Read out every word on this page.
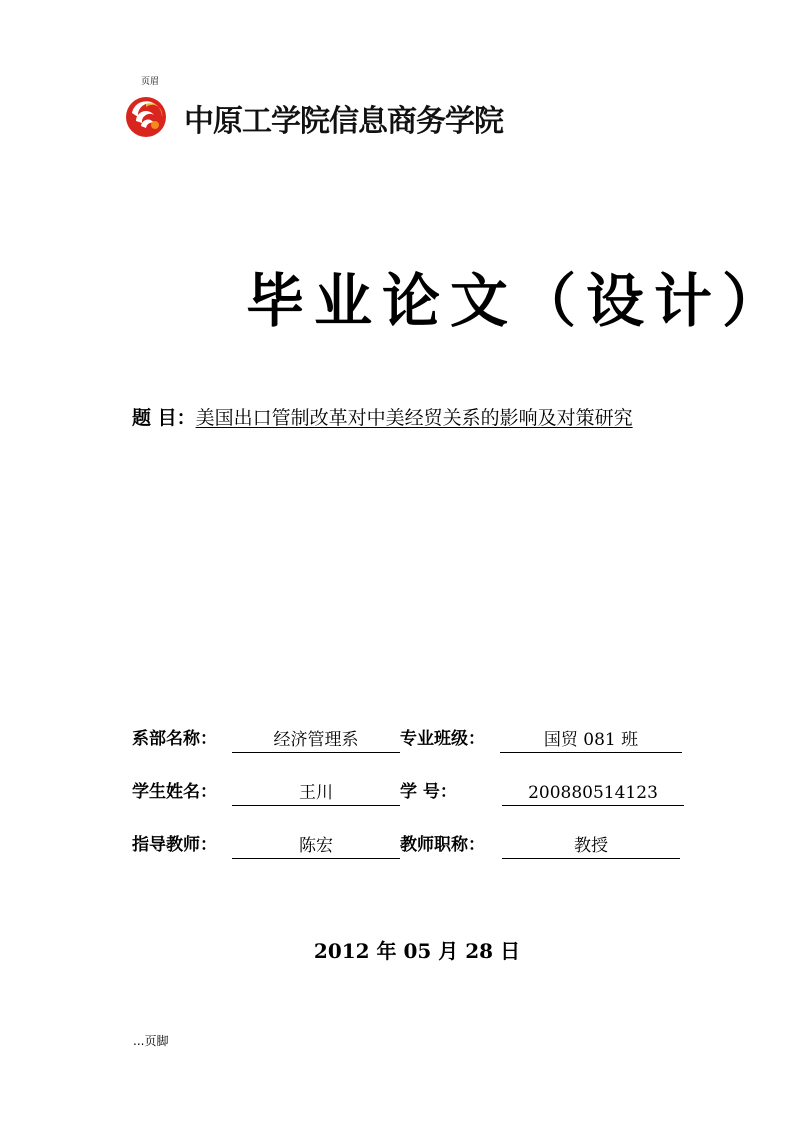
页眉
中原工学院信息商务学院
毕业论文（设计）
题 目：美国出口管制改革对中美经贸关系的影响及对策研究
系部名称：	经济管理系	专业班级：	国贸 081 班
学生姓名：	王川	学 号：	200880514123
指导教师：	陈宏	教师职称：	教授
2012 年 05 月 28 日
...页脚
